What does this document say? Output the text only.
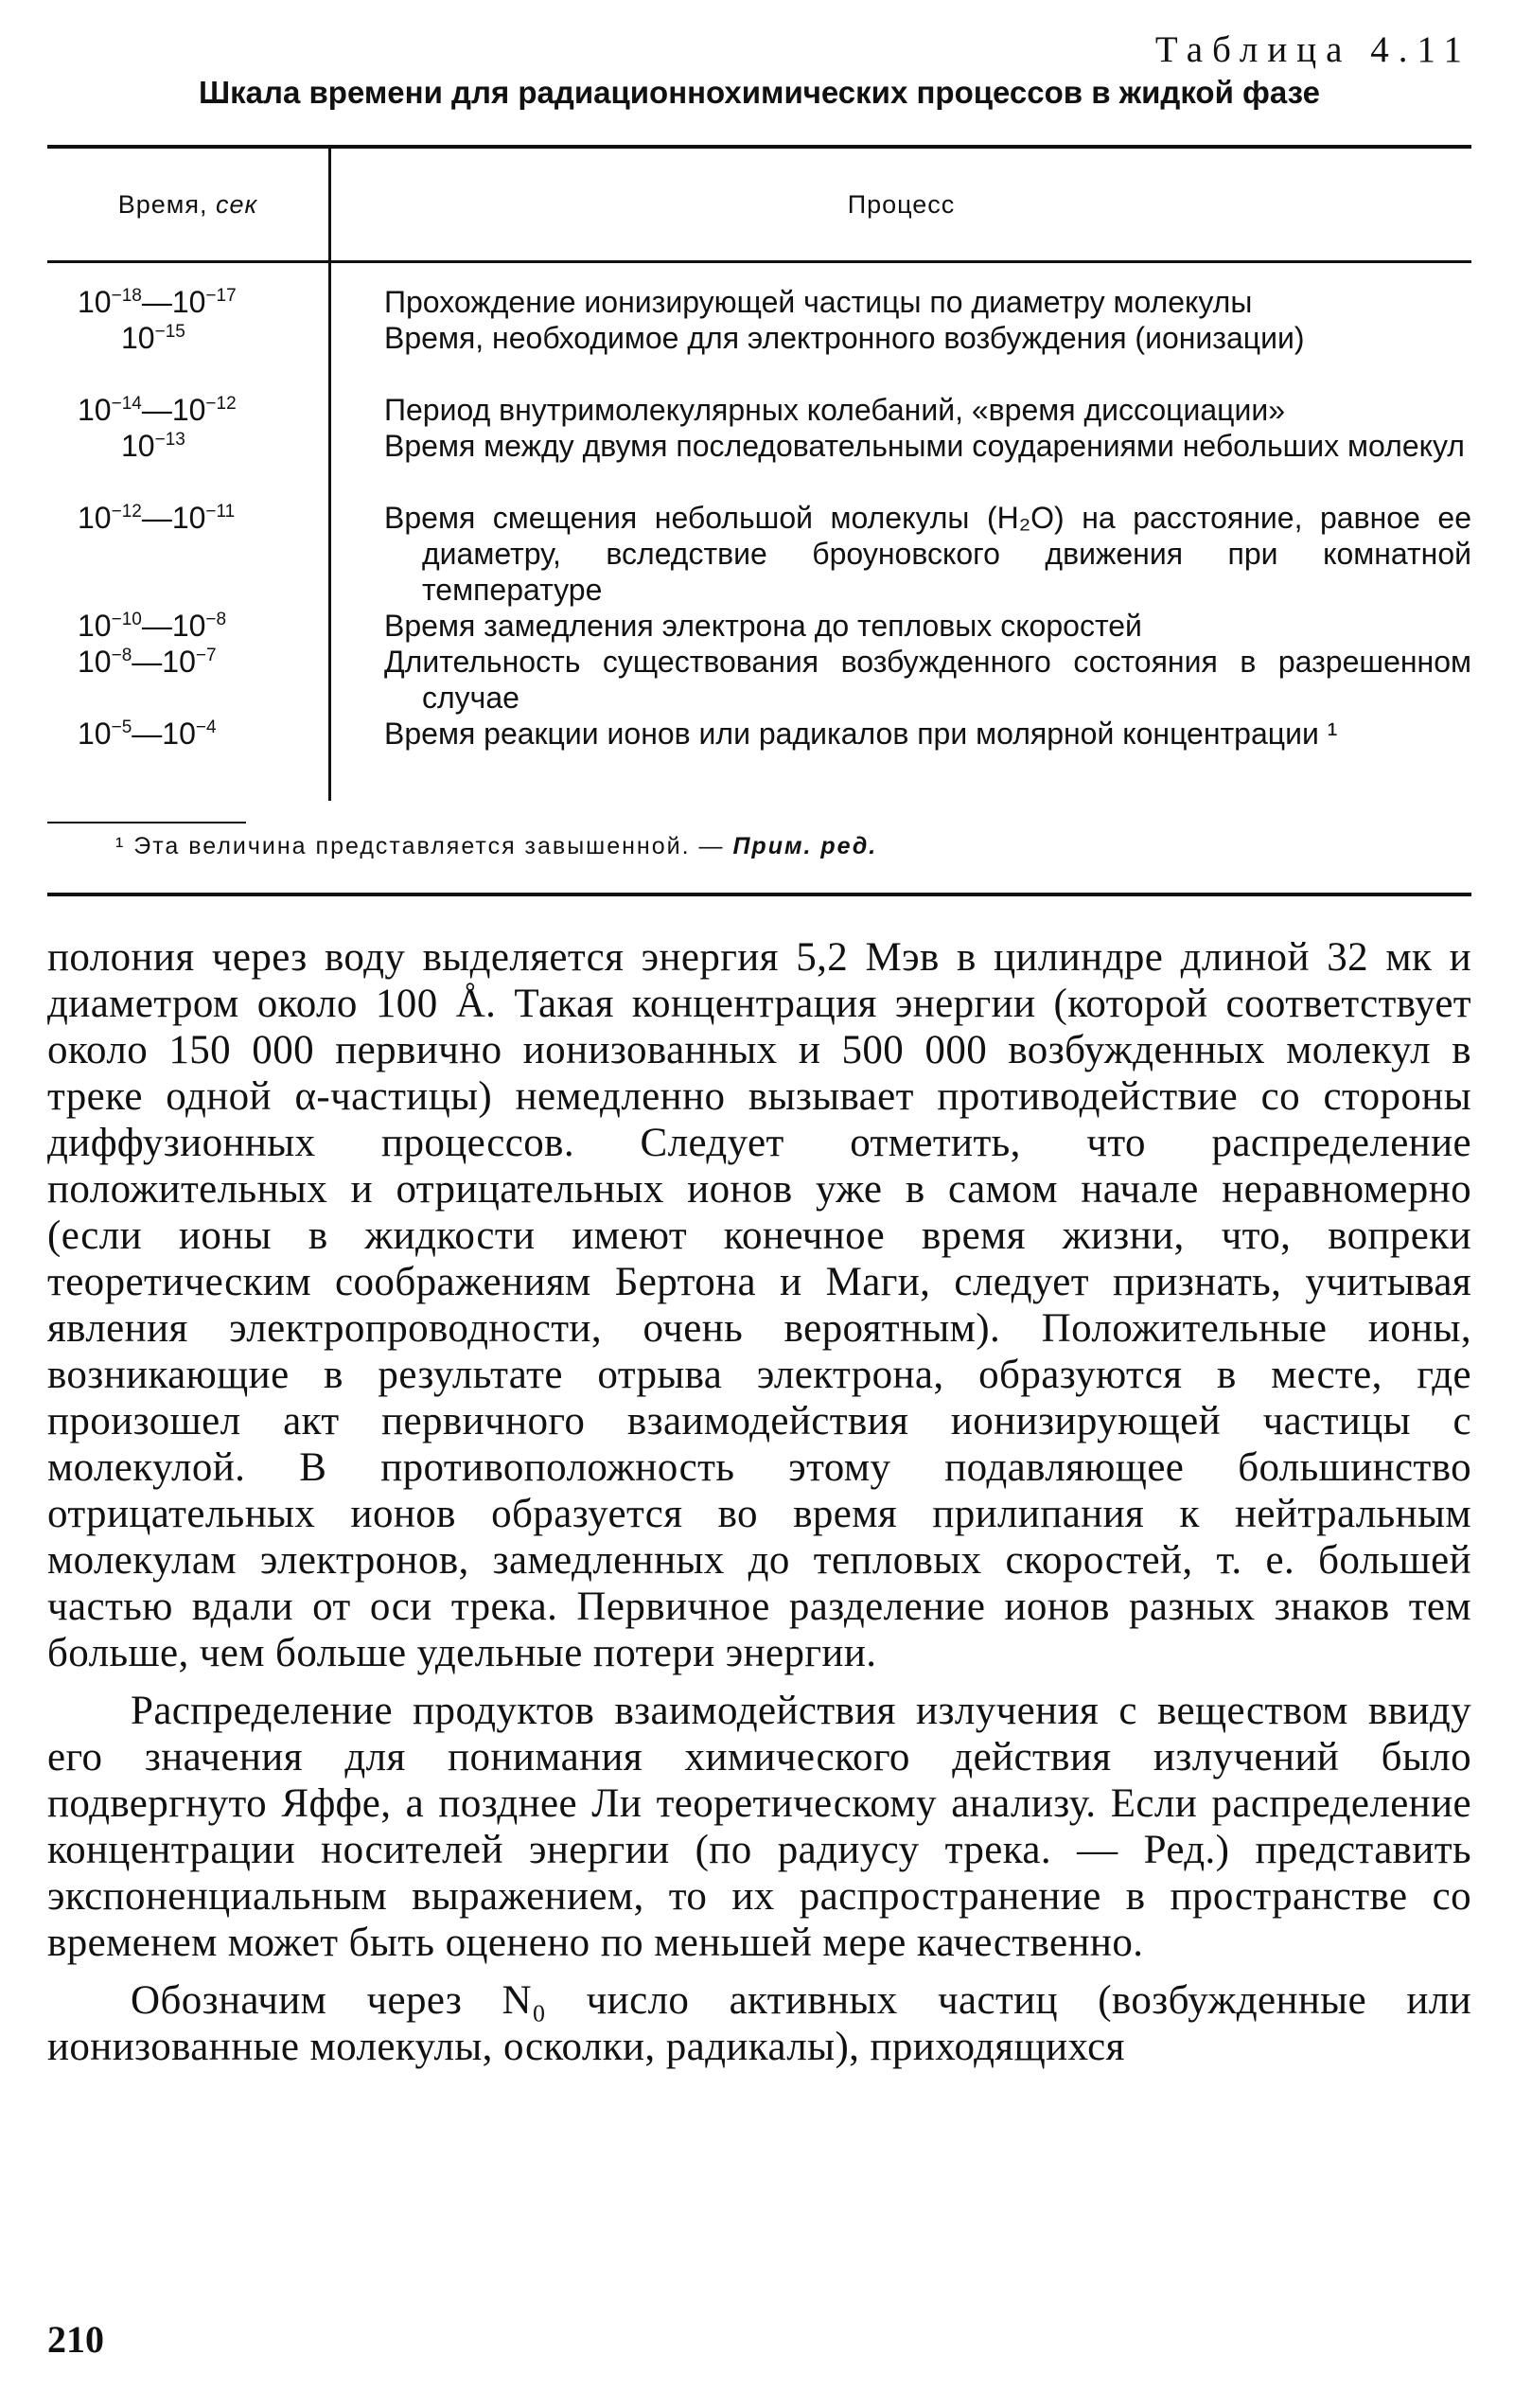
Таблица 4.11
Шкала времени для радиационнохимических процессов в жидкой фазе
Время,
сек	Процесс
$10^{-18}—10^{-17}$
$10^{-15}$
$10^{-14}—10^{-12}$
$10^{-13}$
$10^{-12}—10^{-11}$
$10^{-10}—10^{-8}$
$10^{-8}—10^{-7}$
$10^{-5}—10^{-4}$
Прохождение ионизирующей частицы по диаметру молекулы
Время, необходимое для электронного возбуждения (ионизации)
Период внутримолекулярных колебаний, «время диссоциации»
Время между двумя последовательными соударениями небольших молекул
Время смещения небольшой молекулы (H₂O) на расстояние, равное ее диаметру, вследствие броуновского движения при комнатной температуре
Время замедления электрона до тепловых скоростей
Длительность существования возбужденного состояния в разрешенном случае
Время реакции ионов или радикалов при молярной концентрации ¹
¹ Эта величина представляется завышенной. — Прим. ред.

полония через воду выделяется энергия 5,2 Мэв в цилиндре длиной 32 мк и диаметром около 100 Å. Такая концентрация энергии (которой соответствует около 150 000 первично ионизованных и 500 000 возбужденных молекул в треке одной α-частицы) немедленно вызывает противодействие со стороны диффузионных процессов. Следует отметить, что распределение положительных и отрицательных ионов уже в самом начале неравномерно (если ионы в жидкости имеют конечное время жизни, что, вопреки теоретическим соображениям Бертона и Маги, следует признать, учитывая явления электропроводности, очень вероятным). Положительные ионы, возникающие в результате отрыва электрона, образуются в месте, где произошел акт первичного взаимодействия ионизирующей частицы с молекулой. В противоположность этому подавляющее большинство отрицательных ионов образуется во время прилипания к нейтральным молекулам электронов, замедленных до тепловых скоростей, т. е. большей частью вдали от оси трека. Первичное разделение ионов разных знаков тем больше, чем больше удельные потери энергии.

Распределение продуктов взаимодействия излучения с веществом ввиду его значения для понимания химического действия излучений было подвергнуто Яффе, а позднее Ли теоретическому анализу. Если распределение концентрации носителей энергии (по радиусу трека. — Ред.) представить экспоненциальным выражением, то их распространение в пространстве со временем может быть оценено по меньшей мере качественно.

Обозначим через N₀ число активных частиц (возбужденные или ионизованные молекулы, осколки, радикалы), приходящихся

210
